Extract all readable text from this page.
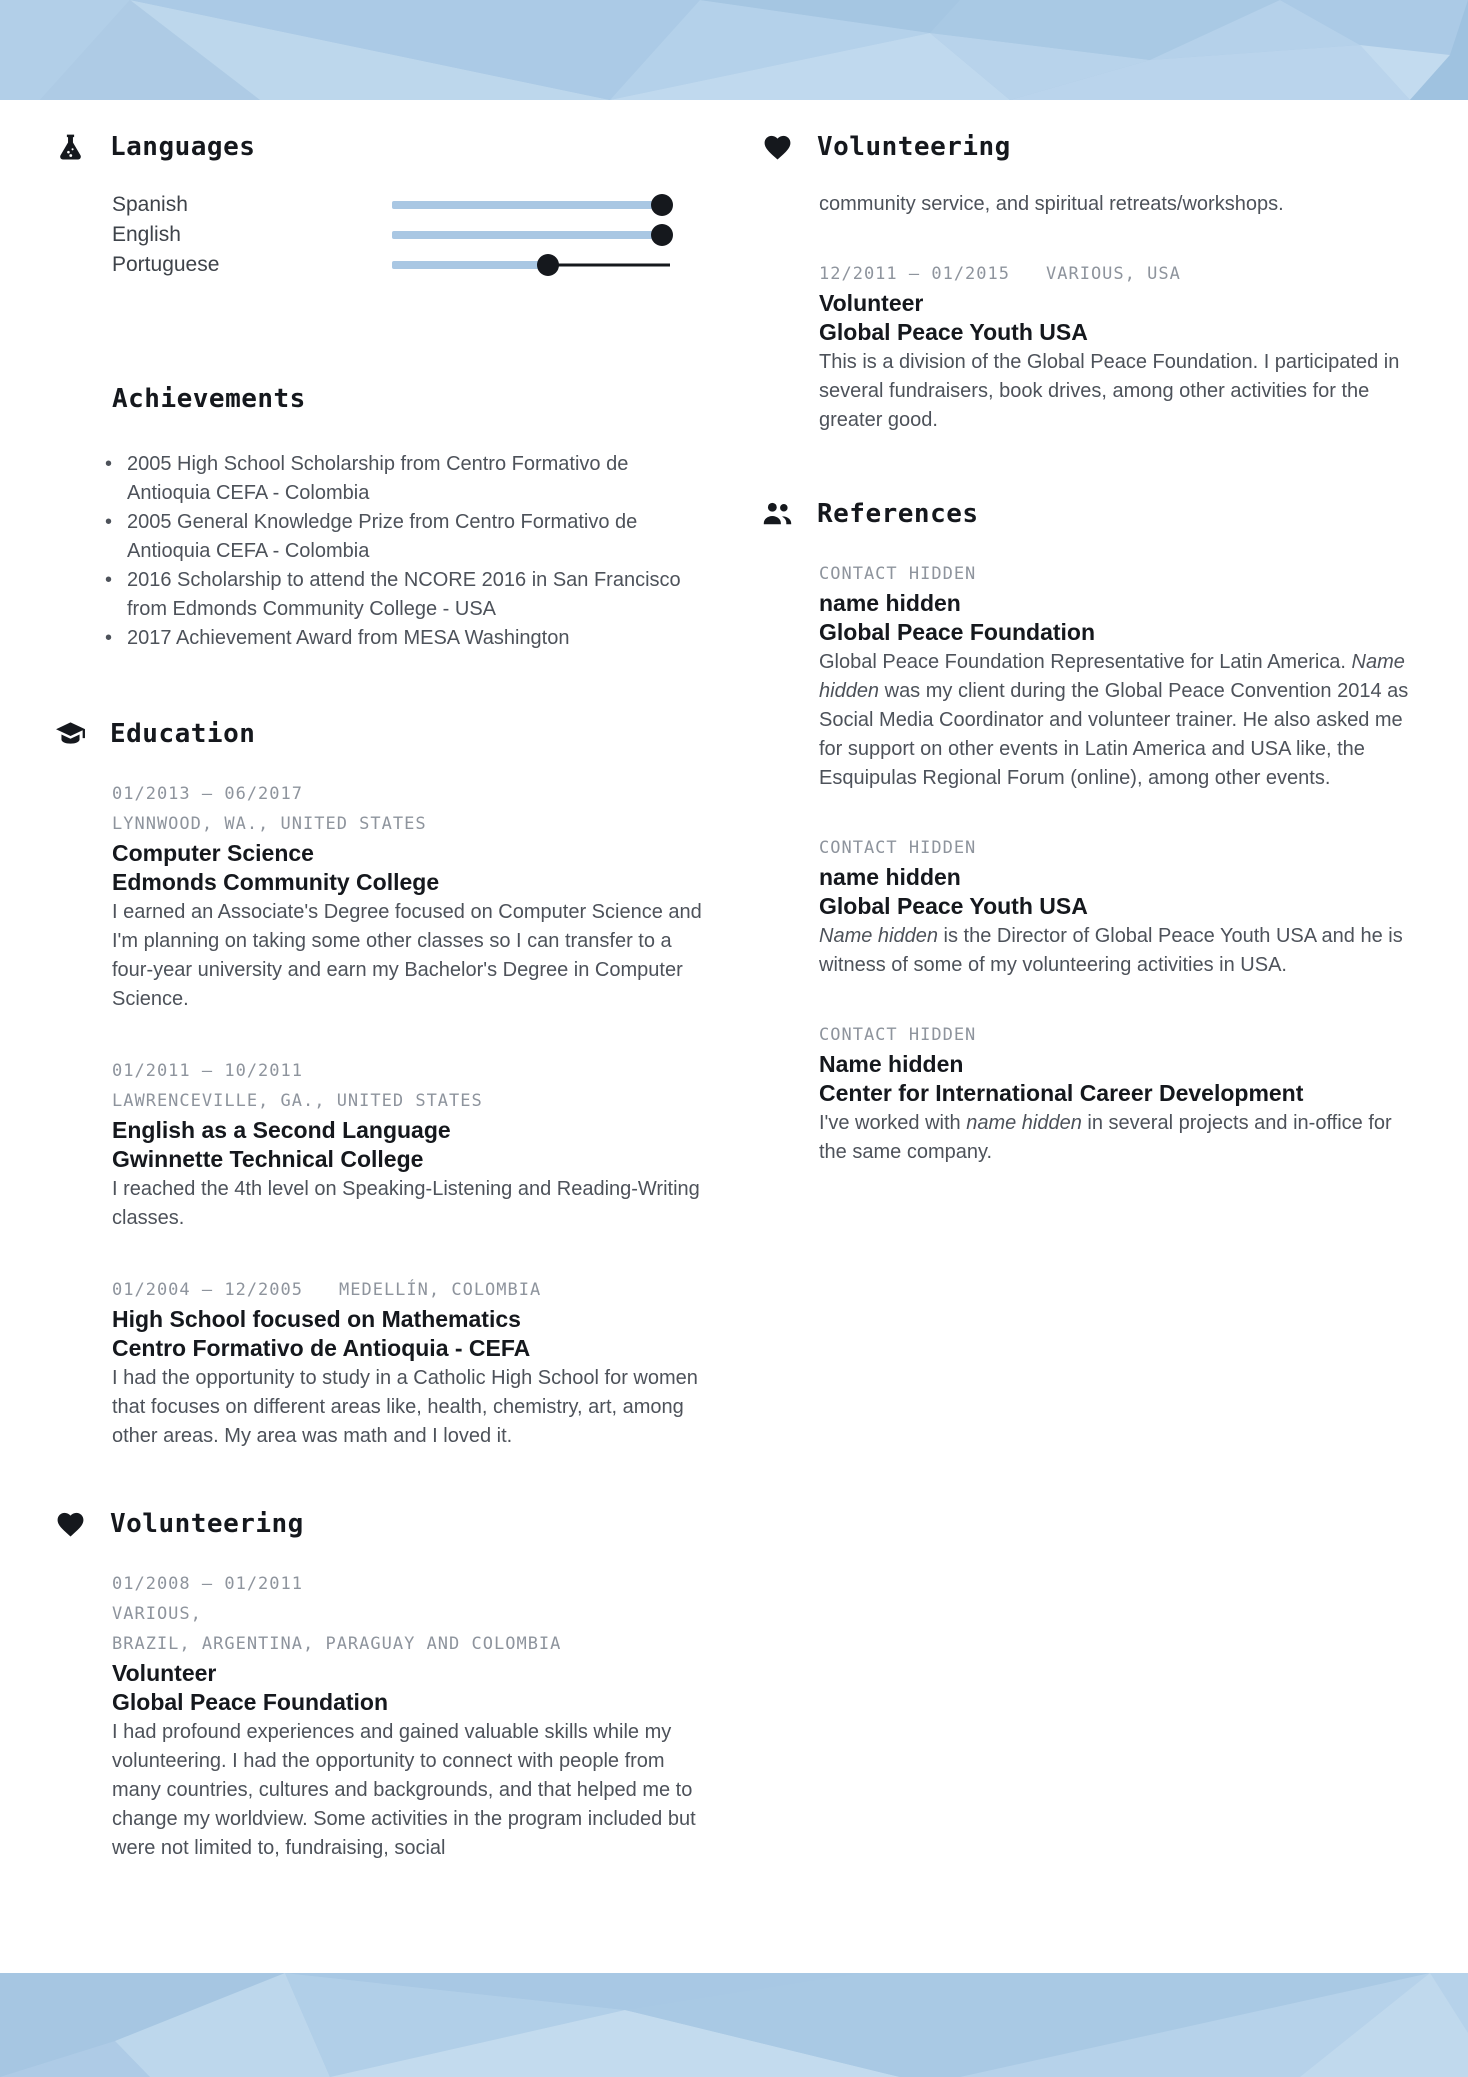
Languages
Spanish
English
Portuguese
Achievements
• 2005 High School Scholarship from Centro Formativo de Antioquia CEFA - Colombia
• 2005 General Knowledge Prize from Centro Formativo de Antioquia CEFA - Colombia
• 2016 Scholarship to attend the NCORE 2016 in San Francisco from Edmonds Community College - USA
• 2017 Achievement Award from MESA Washington
Education
01/2013 – 06/2017
LYNNWOOD, WA., UNITED STATES
Computer Science
Edmonds Community College

I earned an Associate's Degree focused on Computer Science and I'm planning on taking some other classes so I can transfer to a four-year university and earn my Bachelor's Degree in Computer Science.

01/2011 – 10/2011
LAWRENCEVILLE, GA., UNITED STATES
English as a Second Language
Gwinnette Technical College

I reached the 4th level on Speaking-Listening and Reading-Writing classes.

01/2004 – 12/2005 MEDELLÍN, COLOMBIA
High School focused on Mathematics
Centro Formativo de Antioquia - CEFA

I had the opportunity to study in a Catholic High School for women that focuses on different areas like, health, chemistry, art, among other areas. My area was math and I loved it.

Volunteering
01/2008 – 01/2011
VARIOUS,
BRAZIL, ARGENTINA, PARAGUAY AND COLOMBIA
Volunteer
Global Peace Foundation

I had profound experiences and gained valuable skills while my volunteering. I had the opportunity to connect with people from many countries, cultures and backgrounds, and that helped me to change my worldview. Some activities in the program included but were not limited to, fundraising, social

Volunteering

community service, and spiritual retreats/workshops.

12/2011 – 01/2015 VARIOUS, USA
Volunteer
Global Peace Youth USA

This is a division of the Global Peace Foundation. I participated in several fundraisers, book drives, among other activities for the greater good.

References
CONTACT HIDDEN
name hidden
Global Peace Foundation

Global Peace Foundation Representative for Latin America. Name hidden was my client during the Global Peace Convention 2014 as Social Media Coordinator and volunteer trainer. He also asked me for support on other events in Latin America and USA like, the Esquipulas Regional Forum (online), among other events.

CONTACT HIDDEN
name hidden
Global Peace Youth USA

Name hidden is the Director of Global Peace Youth USA and he is witness of some of my volunteering activities in USA.

CONTACT HIDDEN
Name hidden
Center for International Career Development

I've worked with name hidden in several projects and in-office for the same company.
